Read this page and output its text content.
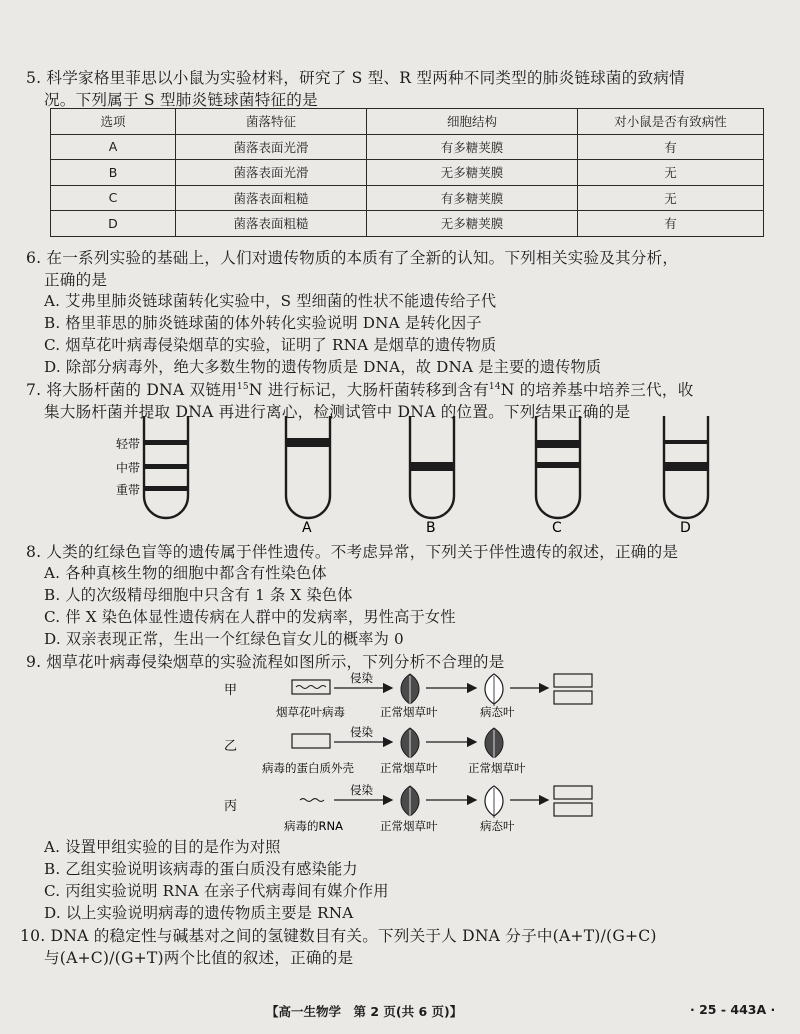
5. 科学家格里菲思以小鼠为实验材料，研究了 S 型、R 型两种不同类型的肺炎链球菌的致病情
况。下列属于 S 型肺炎链球菌特征的是
选项	菌落特征	细胞结构	对小鼠是否有致病性
A	菌落表面光滑	有多糖荚膜	有
B	菌落表面光滑	无多糖荚膜	无
C	菌落表面粗糙	有多糖荚膜	无
D	菌落表面粗糙	无多糖荚膜	有
6. 在一系列实验的基础上，人们对遗传物质的本质有了全新的认知。下列相关实验及其分析，
正确的是
A. 艾弗里肺炎链球菌转化实验中，S 型细菌的性状不能遗传给子代
B. 格里菲思的肺炎链球菌的体外转化实验说明 DNA 是转化因子
C. 烟草花叶病毒侵染烟草的实验，证明了 RNA 是烟草的遗传物质
D. 除部分病毒外，绝大多数生物的遗传物质是 DNA，故 DNA 是主要的遗传物质
7. 将大肠杆菌的 DNA 双链用$^{15}$N 进行标记，大肠杆菌转移到含有$^{14}$N 的培养基中培养三代，收
集大肠杆菌并提取 DNA 再进行离心，检测试管中 DNA 的位置。下列结果正确的是
轻带
中带
重带
A	B	C	D
8. 人类的红绿色盲等的遗传属于伴性遗传。不考虑异常，下列关于伴性遗传的叙述，正确的是
A. 各种真核生物的细胞中都含有性染色体
B. 人的次级精母细胞中只含有 1 条 X 染色体
C. 伴 X 染色体显性遗传病在人群中的发病率，男性高于女性
D. 双亲表现正常，生出一个红绿色盲女儿的概率为 0
9. 烟草花叶病毒侵染烟草的实验流程如图所示，下列分析不合理的是
甲
侵染
烟草花叶病毒	正常烟草叶	病态叶
乙
侵染
病毒的蛋白质外壳 正常烟草叶	正常烟草叶
丙
侵染
病毒的RNA	正常烟草叶	病态叶
A. 设置甲组实验的目的是作为对照
B. 乙组实验说明该病毒的蛋白质没有感染能力
C. 丙组实验说明 RNA 在亲子代病毒间有媒介作用
D. 以上实验说明病毒的遗传物质主要是 RNA
10. DNA 的稳定性与碱基对之间的氢键数目有关。下列关于人 DNA 分子中(A+T)/(G+C)
与(A+C)/(G+T)两个比值的叙述，正确的是
【高一生物学　第 2 页(共 6 页)】	· 25 - 443A ·
